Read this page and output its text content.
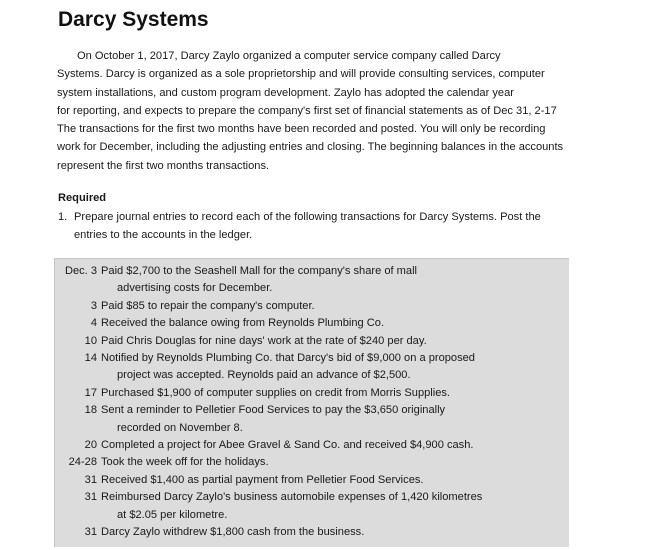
Darcy Systems
On October 1, 2017, Darcy Zaylo organized a computer service company called Darcy
Systems. Darcy is organized as a sole proprietorship and will provide consulting services, computer
system installations, and custom program development. Zaylo has adopted the calendar year
for reporting, and expects to prepare the company's first set of financial statements as of Dec 31, 2-17
The transactions for the first two months have been recorded and posted. You will only be recording
work for December, including the adjusting entries and closing. The beginning balances in the accounts
represent the first two months transactions.
Required
1. Prepare journal entries to record each of the following transactions for Darcy Systems. Post the
entries to the accounts in the ledger.
Dec. 3 Paid $2,700 to the Seashell Mall for the company's share of mall
advertising costs for December.
3 Paid $85 to repair the company's computer.
4 Received the balance owing from Reynolds Plumbing Co.
10 Paid Chris Douglas for nine days' work at the rate of $240 per day.
14 Notified by Reynolds Plumbing Co. that Darcy's bid of $9,000 on a proposed
project was accepted. Reynolds paid an advance of $2,500.
17 Purchased $1,900 of computer supplies on credit from Morris Supplies.
18 Sent a reminder to Pelletier Food Services to pay the $3,650 originally
recorded on November 8.
20 Completed a project for Abee Gravel & Sand Co. and received $4,900 cash.
24-28 Took the week off for the holidays.
31 Received $1,400 as partial payment from Pelletier Food Services.
31 Reimbursed Darcy Zaylo's business automobile expenses of 1,420 kilometres
at $2.05 per kilometre.
31 Darcy Zaylo withdrew $1,800 cash from the business.
